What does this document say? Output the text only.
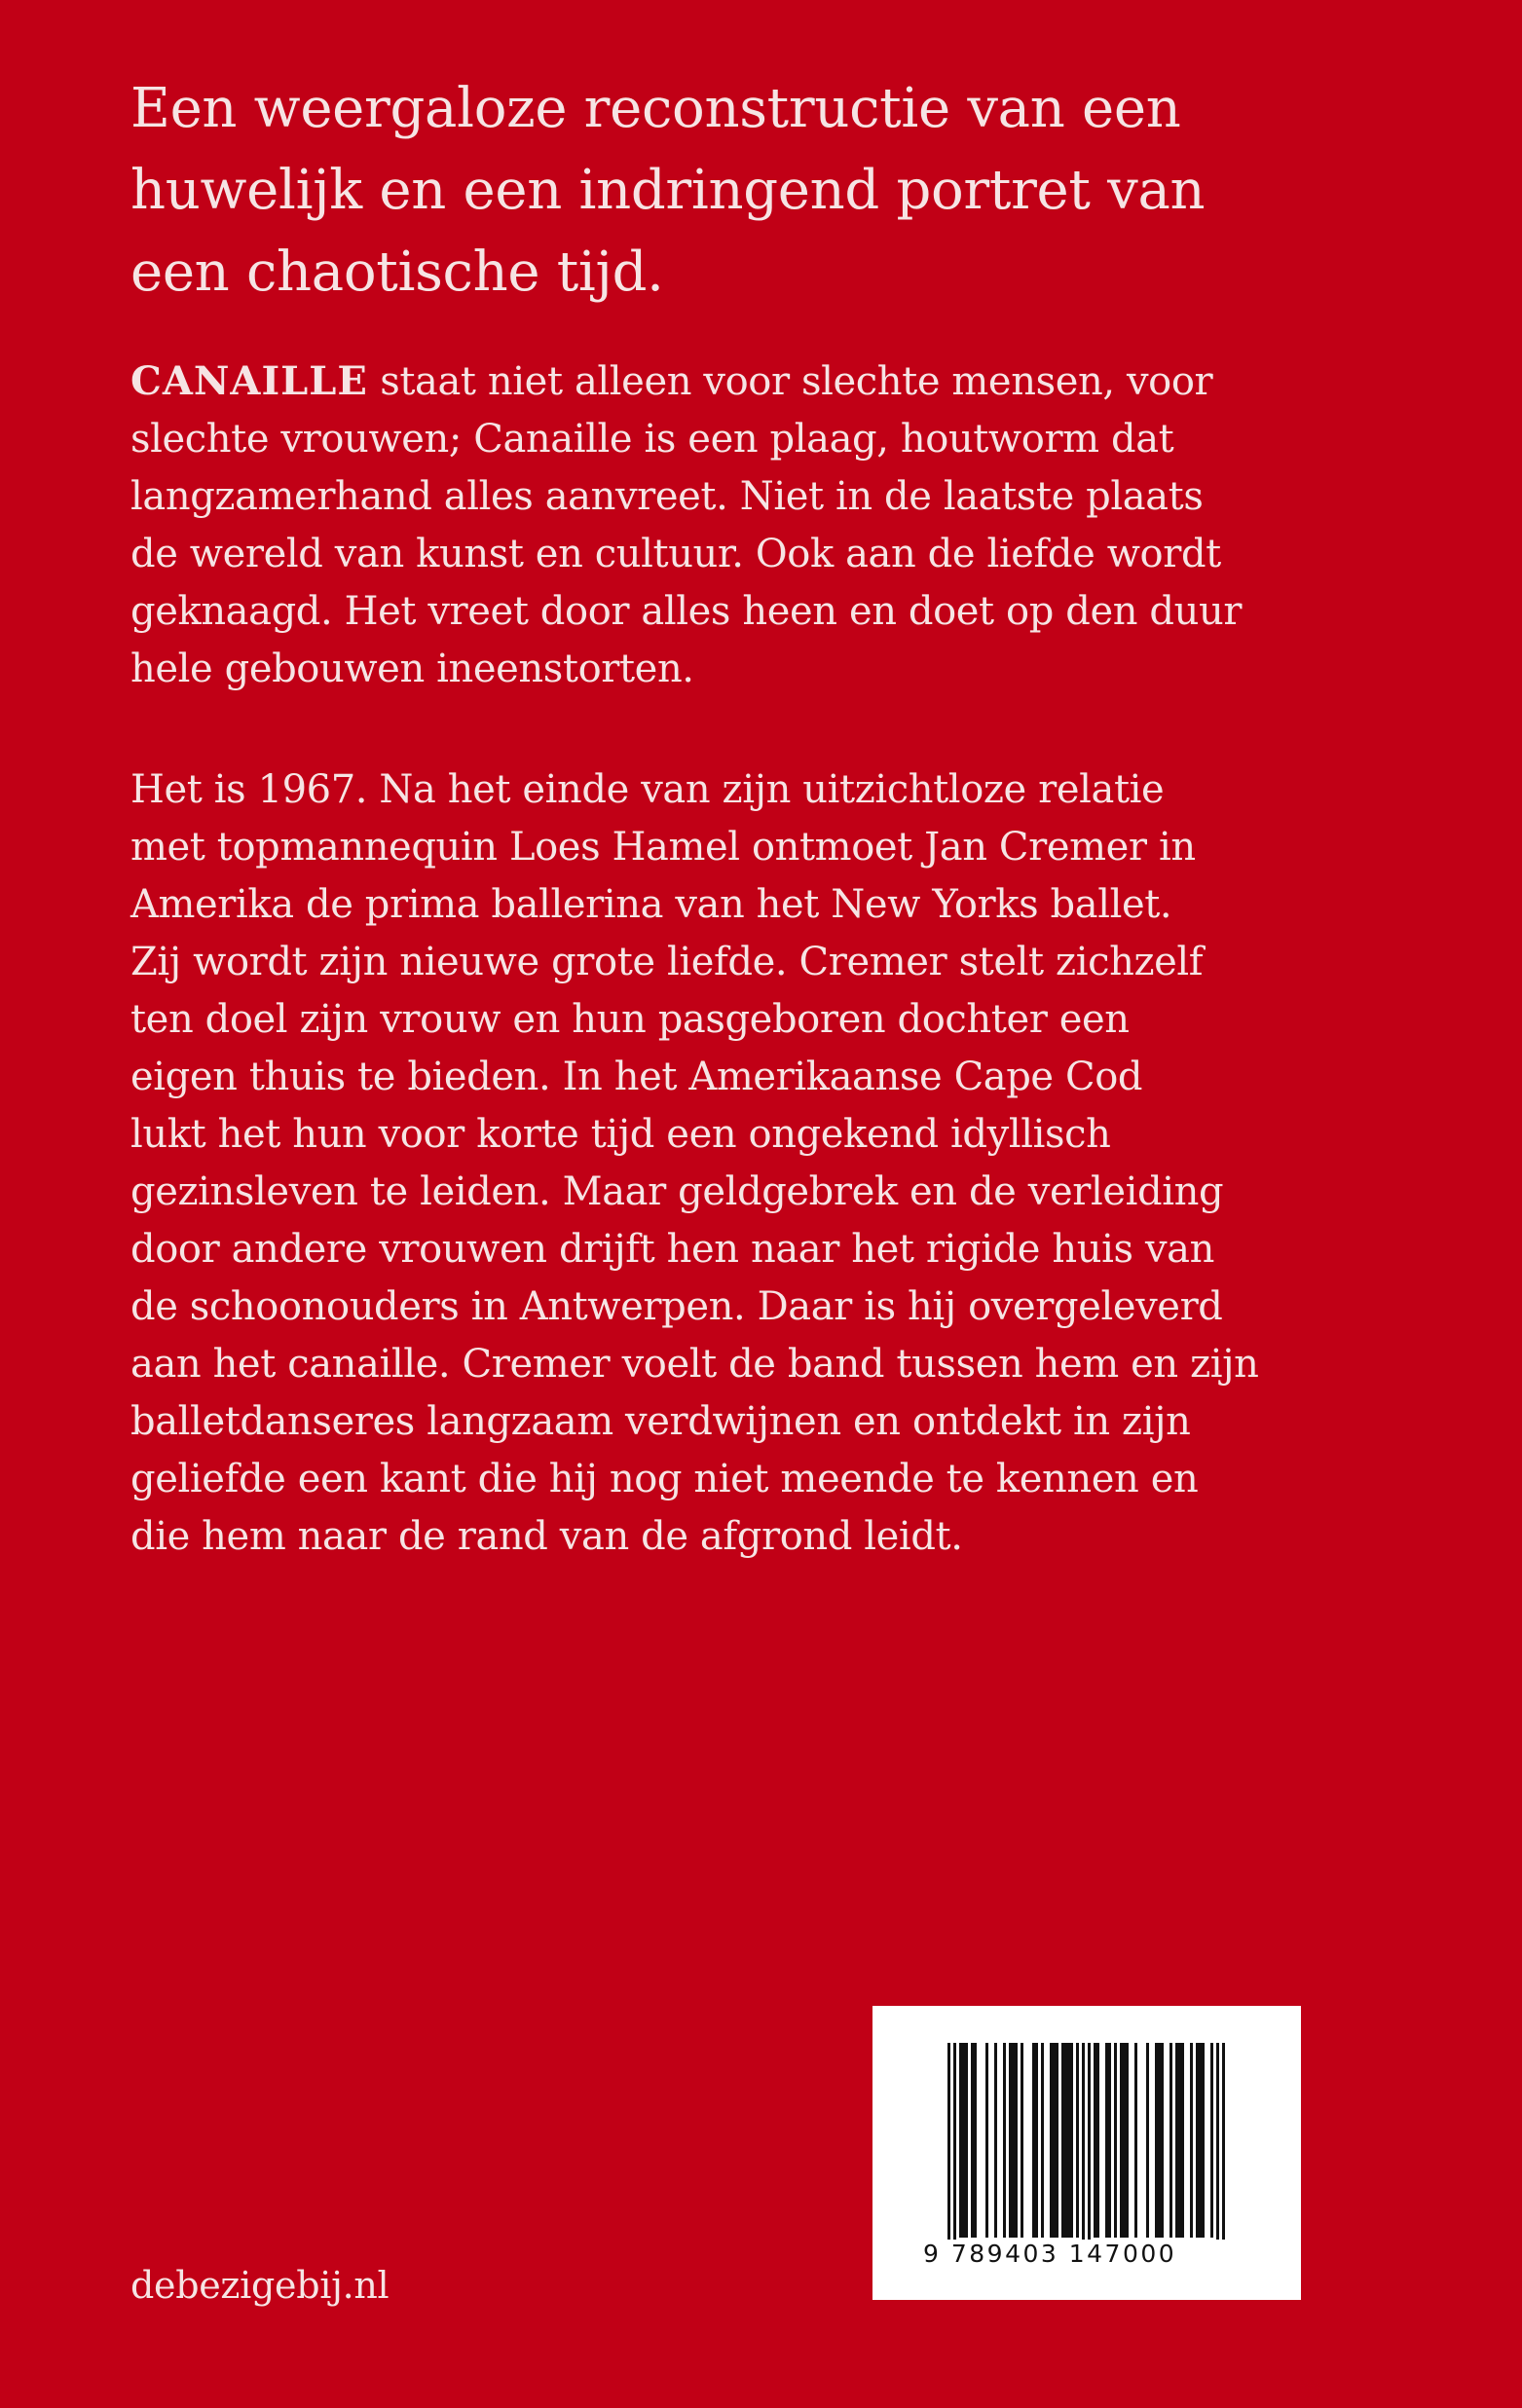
Een weergaloze reconstructie van een
huwelijk en een indringend portret van
een chaotische tijd.

CANAILLE staat niet alleen voor slechte mensen, voor
slechte vrouwen; Canaille is een plaag, houtworm dat
langzamerhand alles aanvreet. Niet in de laatste plaats
de wereld van kunst en cultuur. Ook aan de liefde wordt
geknaagd. Het vreet door alles heen en doet op den duur
hele gebouwen ineenstorten.

Het is 1967. Na het einde van zijn uitzichtloze relatie
met topmannequin Loes Hamel ontmoet Jan Cremer in
Amerika de prima ballerina van het New Yorks ballet.
Zij wordt zijn nieuwe grote liefde. Cremer stelt zichzelf
ten doel zijn vrouw en hun pasgeboren dochter een
eigen thuis te bieden. In het Amerikaanse Cape Cod
lukt het hun voor korte tijd een ongekend idyllisch
gezinsleven te leiden. Maar geldgebrek en de verleiding
door andere vrouwen drijft hen naar het rigide huis van
de schoonouders in Antwerpen. Daar is hij overgeleverd
aan het canaille. Cremer voelt de band tussen hem en zijn
balletdanseres langzaam verdwijnen en ontdekt in zijn
geliefde een kant die hij nog niet meende te kennen en
die hem naar de rand van de afgrond leidt.

debezigebij.nl
9 789403 147000
